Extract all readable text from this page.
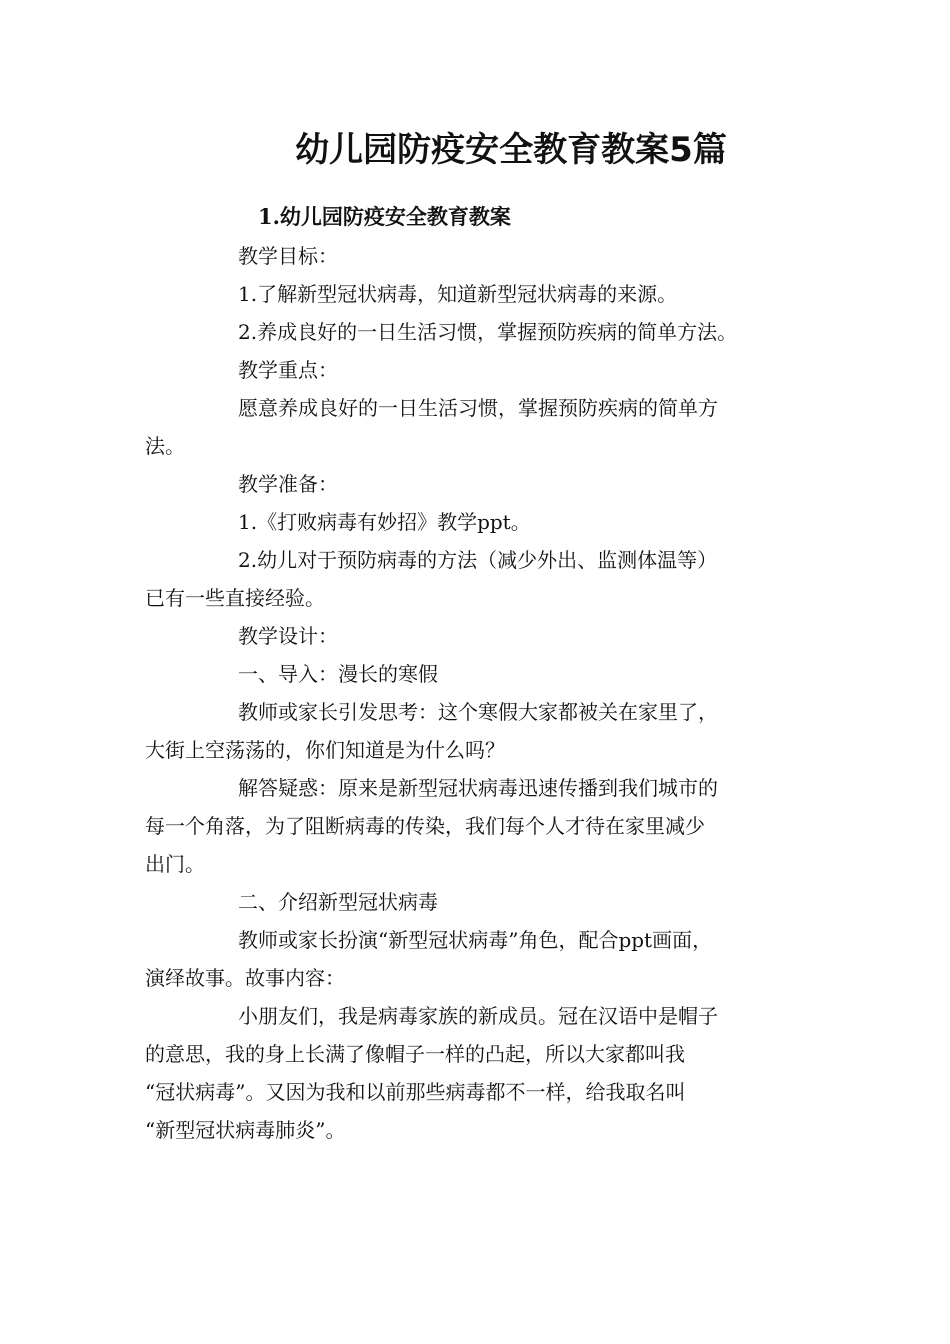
幼儿园防疫安全教育教案5篇
1.幼儿园防疫安全教育教案
教学目标：
1.了解新型冠状病毒，知道新型冠状病毒的来源。
2.养成良好的一日生活习惯，掌握预防疾病的简单方法。
教学重点：
愿意养成良好的一日生活习惯，掌握预防疾病的简单方
法。
教学准备：
1.《打败病毒有妙招》教学ppt。
2.幼儿对于预防病毒的方法（减少外出、监测体温等）
已有一些直接经验。
教学设计：
一、导入：漫长的寒假
教师或家长引发思考：这个寒假大家都被关在家里了，
大街上空荡荡的，你们知道是为什么吗？
解答疑惑：原来是新型冠状病毒迅速传播到我们城市的
每一个角落，为了阻断病毒的传染，我们每个人才待在家里减少
出门。
二、介绍新型冠状病毒
教师或家长扮演“新型冠状病毒”角色，配合ppt画面，
演绎故事。故事内容：
小朋友们，我是病毒家族的新成员。冠在汉语中是帽子
的意思，我的身上长满了像帽子一样的凸起，所以大家都叫我
“冠状病毒”。又因为我和以前那些病毒都不一样，给我取名叫
“新型冠状病毒肺炎”。
